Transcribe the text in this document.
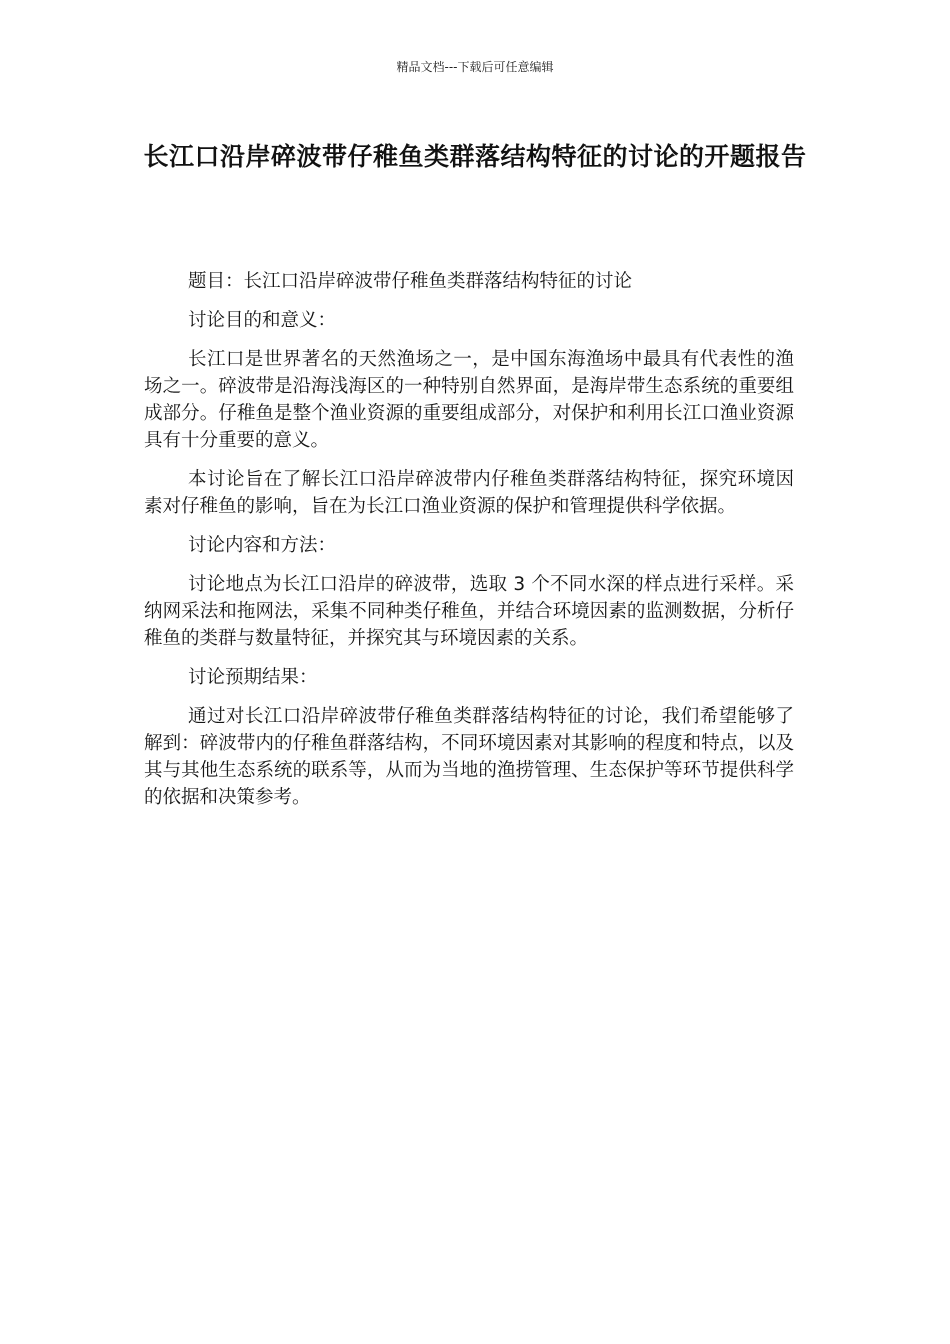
精品文档---下载后可任意编辑
长江口沿岸碎波带仔稚鱼类群落结构特征的讨论的开题报告

题目：长江口沿岸碎波带仔稚鱼类群落结构特征的讨论

讨论目的和意义：

长江口是世界著名的天然渔场之一，是中国东海渔场中最具有代表性的渔场之一。碎波带是沿海浅海区的一种特别自然界面，是海岸带生态系统的重要组成部分。仔稚鱼是整个渔业资源的重要组成部分，对保护和利用长江口渔业资源具有十分重要的意义。

本讨论旨在了解长江口沿岸碎波带内仔稚鱼类群落结构特征，探究环境因素对仔稚鱼的影响，旨在为长江口渔业资源的保护和管理提供科学依据。

讨论内容和方法：

讨论地点为长江口沿岸的碎波带，选取 3 个不同水深的样点进行采样。采纳网采法和拖网法，采集不同种类仔稚鱼，并结合环境因素的监测数据，分析仔稚鱼的类群与数量特征，并探究其与环境因素的关系。

讨论预期结果：

通过对长江口沿岸碎波带仔稚鱼类群落结构特征的讨论，我们希望能够了解到：碎波带内的仔稚鱼群落结构，不同环境因素对其影响的程度和特点，以及其与其他生态系统的联系等，从而为当地的渔捞管理、生态保护等环节提供科学的依据和决策参考。
